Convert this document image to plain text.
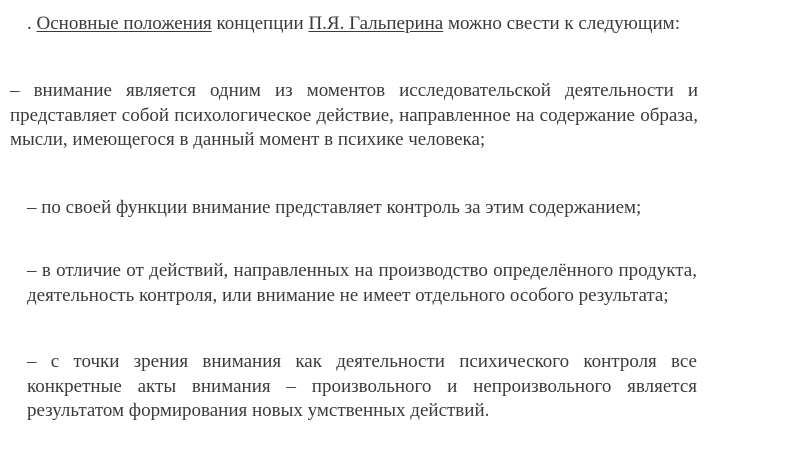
. Основные положения концепции П.Я. Гальперина можно свести к следующим:

– внимание является одним из моментов исследовательской деятельности и представляет собой психологическое действие, направленное на содержание образа, мысли, имеющегося в данный момент в психике человека;

– по своей функции внимание представляет контроль за этим содержанием;

– в отличие от действий, направленных на производство определённого продукта, деятельность контроля, или внимание не имеет отдельного особого результата;

– с точки зрения внимания как деятельности психического контроля все конкретные акты внимания – произвольного и непроизвольного является результатом формирования новых умственных действий.
